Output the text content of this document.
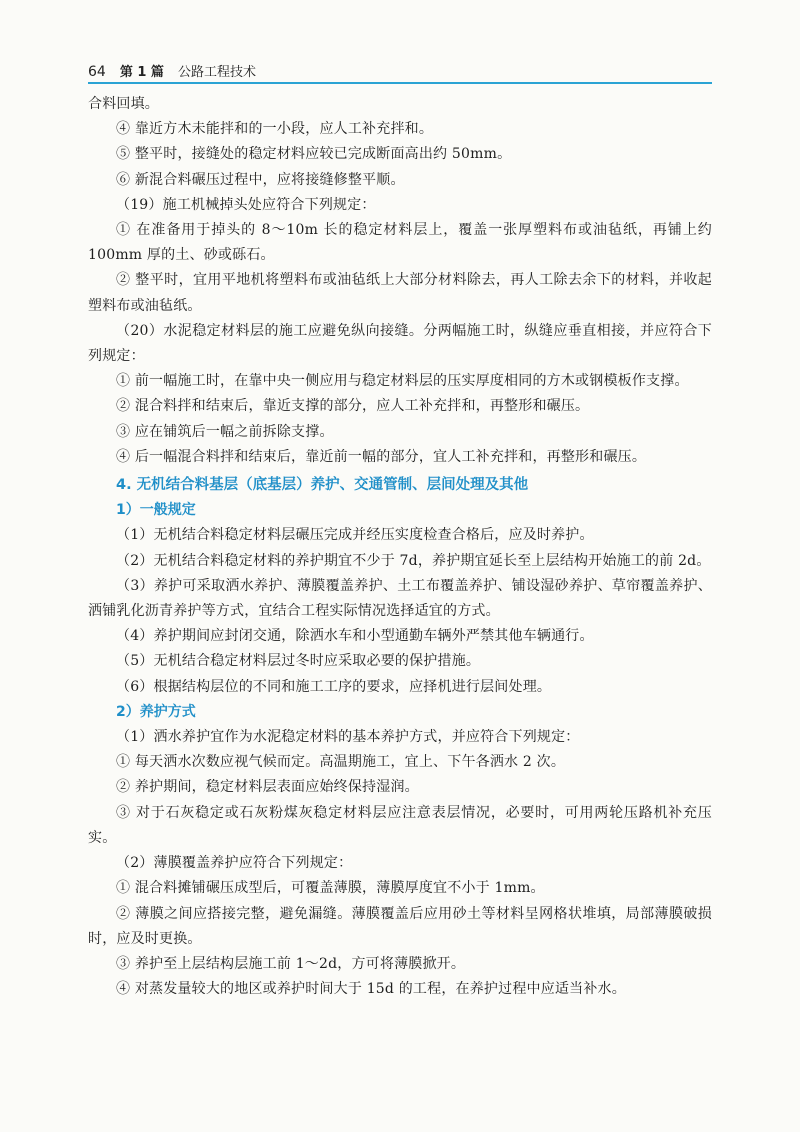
64 第 1 篇 公路工程技术

合料回填。

④ 靠近方木未能拌和的一小段，应人工补充拌和。

⑤ 整平时，接缝处的稳定材料应较已完成断面高出约 50mm。

⑥ 新混合料碾压过程中，应将接缝修整平顺。

（19）施工机械掉头处应符合下列规定：

① 在准备用于掉头的 8～10m 长的稳定材料层上，覆盖一张厚塑料布或油毡纸，再铺上约 100mm 厚的土、砂或砾石。

② 整平时，宜用平地机将塑料布或油毡纸上大部分材料除去，再人工除去余下的材料，并收起塑料布或油毡纸。

（20）水泥稳定材料层的施工应避免纵向接缝。分两幅施工时，纵缝应垂直相接，并应符合下列规定：

① 前一幅施工时，在靠中央一侧应用与稳定材料层的压实厚度相同的方木或钢模板作支撑。

② 混合料拌和结束后，靠近支撑的部分，应人工补充拌和，再整形和碾压。

③ 应在铺筑后一幅之前拆除支撑。

④ 后一幅混合料拌和结束后，靠近前一幅的部分，宜人工补充拌和，再整形和碾压。

4. 无机结合料基层（底基层）养护、交通管制、层间处理及其他

1）一般规定

（1）无机结合料稳定材料层碾压完成并经压实度检查合格后，应及时养护。

（2）无机结合料稳定材料的养护期宜不少于 7d，养护期宜延长至上层结构开始施工的前 2d。

（3）养护可采取洒水养护、薄膜覆盖养护、土工布覆盖养护、铺设湿砂养护、草帘覆盖养护、洒铺乳化沥青养护等方式，宜结合工程实际情况选择适宜的方式。

（4）养护期间应封闭交通，除洒水车和小型通勤车辆外严禁其他车辆通行。

（5）无机结合稳定材料层过冬时应采取必要的保护措施。

（6）根据结构层位的不同和施工工序的要求，应择机进行层间处理。

2）养护方式

（1）洒水养护宜作为水泥稳定材料的基本养护方式，并应符合下列规定：

① 每天洒水次数应视气候而定。高温期施工，宜上、下午各洒水 2 次。

② 养护期间，稳定材料层表面应始终保持湿润。

③ 对于石灰稳定或石灰粉煤灰稳定材料层应注意表层情况，必要时，可用两轮压路机补充压实。

（2）薄膜覆盖养护应符合下列规定：

① 混合料摊铺碾压成型后，可覆盖薄膜，薄膜厚度宜不小于 1mm。

② 薄膜之间应搭接完整，避免漏缝。薄膜覆盖后应用砂土等材料呈网格状堆填，局部薄膜破损时，应及时更换。

③ 养护至上层结构层施工前 1～2d，方可将薄膜掀开。

④ 对蒸发量较大的地区或养护时间大于 15d 的工程，在养护过程中应适当补水。
